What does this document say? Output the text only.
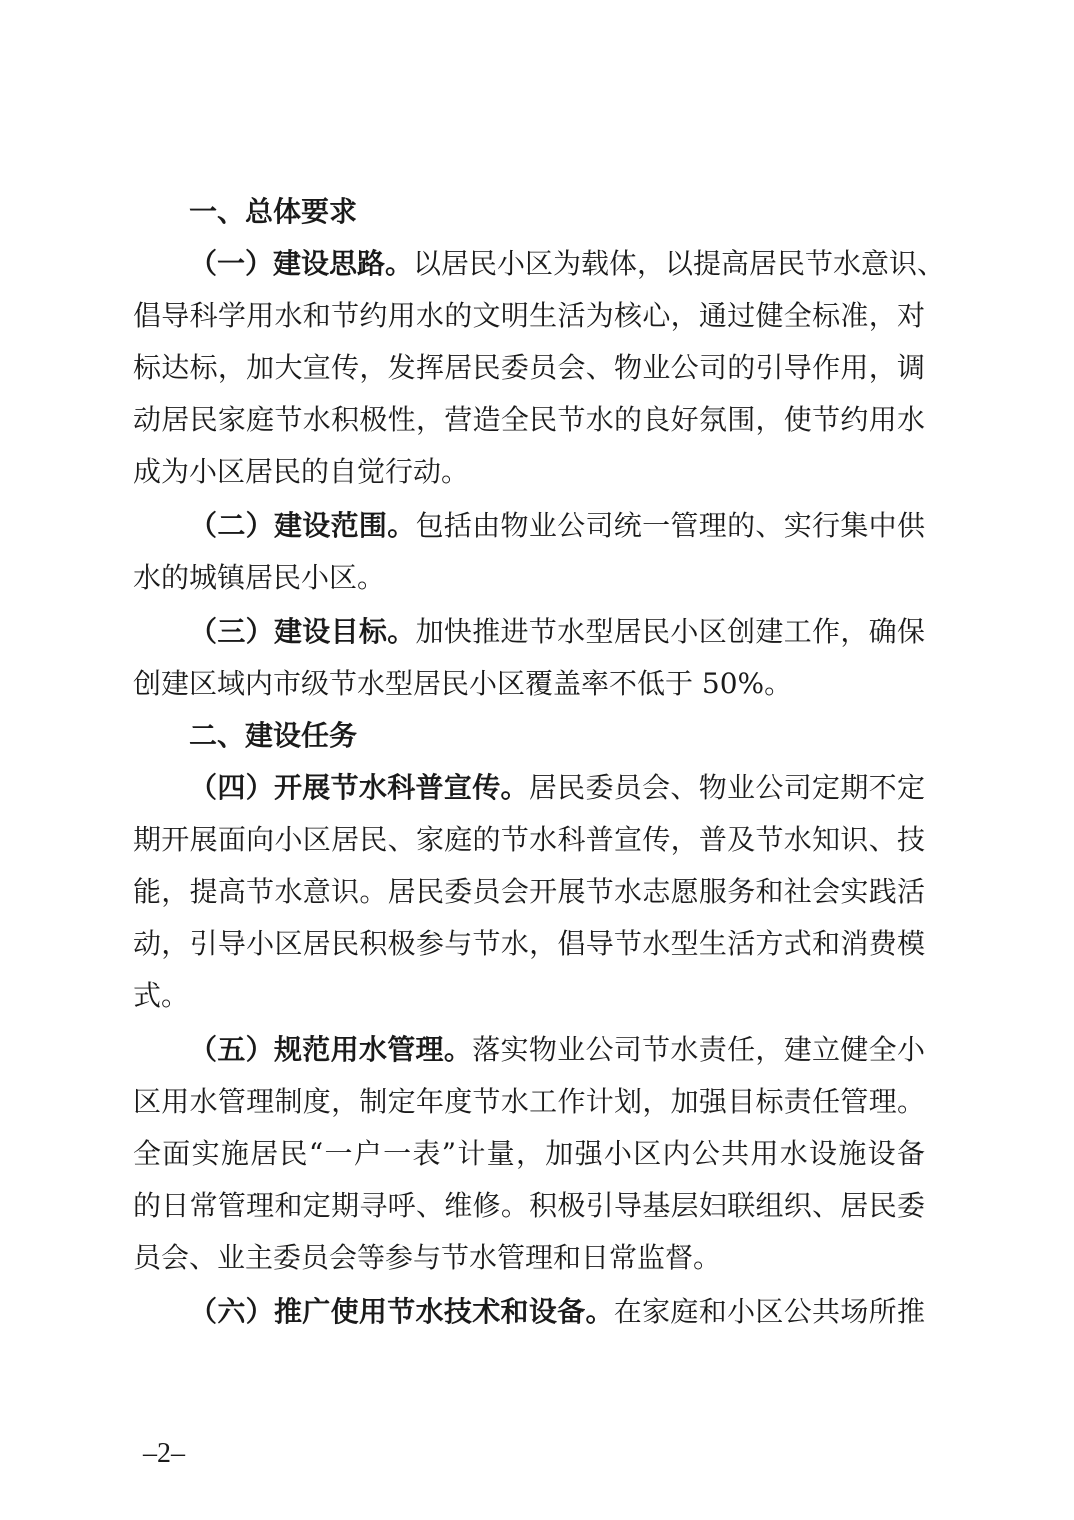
一、总体要求
（一）建设思路。以居民小区为载体，以提高居民节水意识、
倡导科学用水和节约用水的文明生活为核心，通过健全标准，对
标达标，加大宣传，发挥居民委员会、物业公司的引导作用，调
动居民家庭节水积极性，营造全民节水的良好氛围，使节约用水
成为小区居民的自觉行动。
（二）建设范围。包括由物业公司统一管理的、实行集中供
水的城镇居民小区。
（三）建设目标。加快推进节水型居民小区创建工作，确保
创建区域内市级节水型居民小区覆盖率不低于 50%。
二、建设任务
（四）开展节水科普宣传。居民委员会、物业公司定期不定
期开展面向小区居民、家庭的节水科普宣传，普及节水知识、技
能，提高节水意识。居民委员会开展节水志愿服务和社会实践活
动，引导小区居民积极参与节水，倡导节水型生活方式和消费模
式。
（五）规范用水管理。落实物业公司节水责任，建立健全小
区用水管理制度，制定年度节水工作计划，加强目标责任管理。
全面实施居民“一户一表”计量，加强小区内公共用水设施设备
的日常管理和定期寻呼、维修。积极引导基层妇联组织、居民委
员会、业主委员会等参与节水管理和日常监督。
（六）推广使用节水技术和设备。在家庭和小区公共场所推
–2–
